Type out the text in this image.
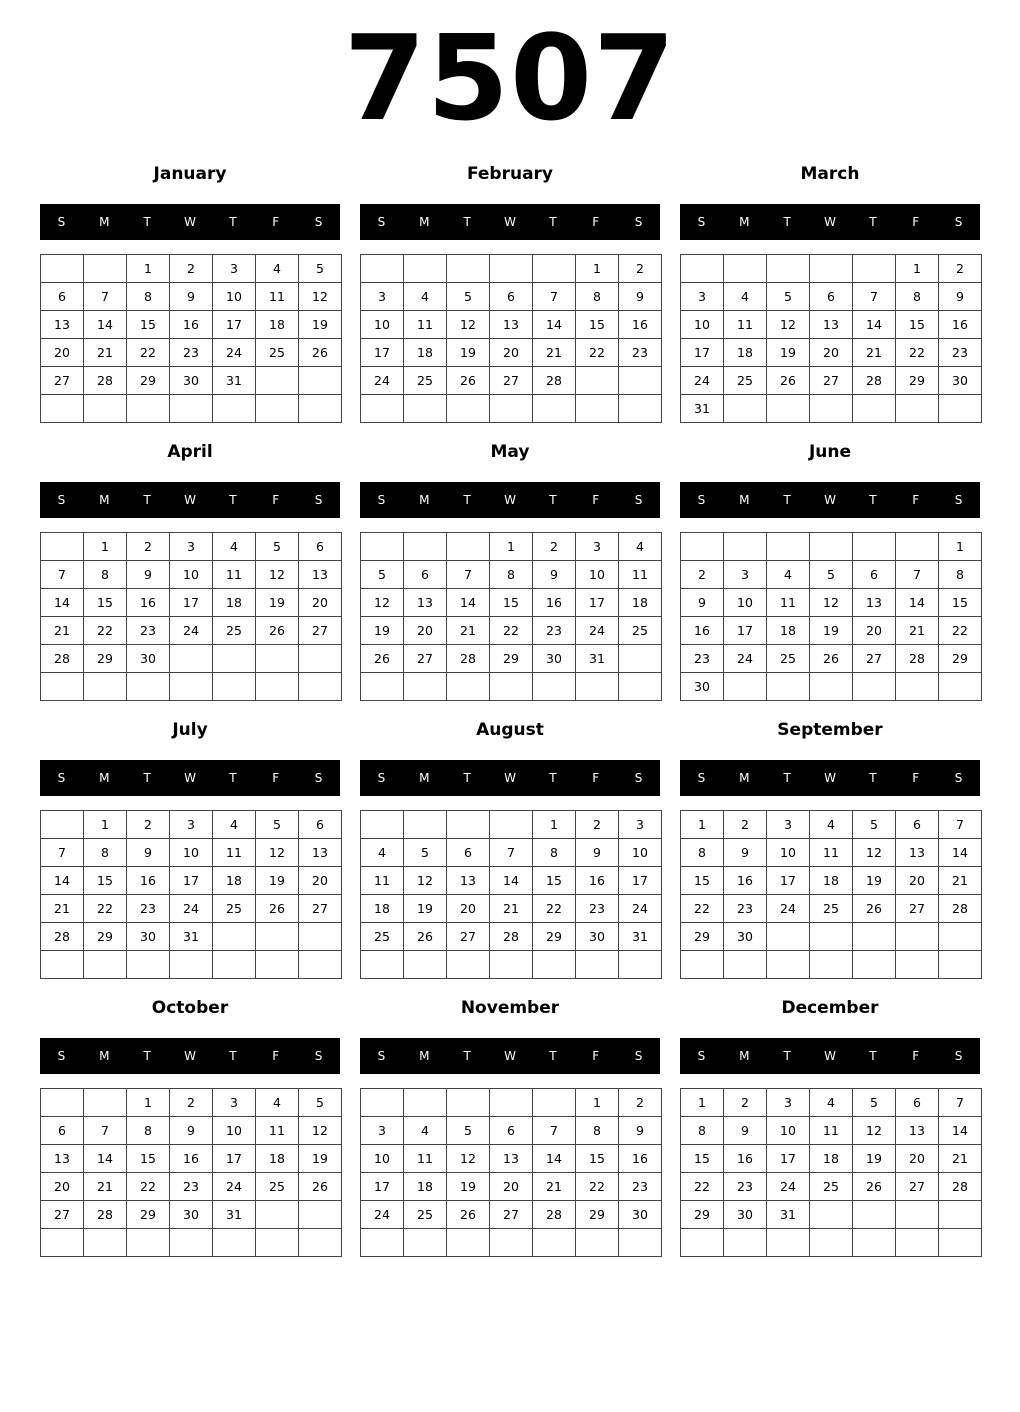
7507
January
S	M	T	W	T	F	S
		1	2	3	4	5
6	7	8	9	10	11	12
13	14	15	16	17	18	19
20	21	22	23	24	25	26
27	28	29	30	31		

February
S	M	T	W	T	F	S
					1	2
3	4	5	6	7	8	9
10	11	12	13	14	15	16
17	18	19	20	21	22	23
24	25	26	27	28		

March
S	M	T	W	T	F	S
					1	2
3	4	5	6	7	8	9
10	11	12	13	14	15	16
17	18	19	20	21	22	23
24	25	26	27	28	29	30
31						
April
S	M	T	W	T	F	S
	1	2	3	4	5	6
7	8	9	10	11	12	13
14	15	16	17	18	19	20
21	22	23	24	25	26	27
28	29	30				

May
S	M	T	W	T	F	S
			1	2	3	4
5	6	7	8	9	10	11
12	13	14	15	16	17	18
19	20	21	22	23	24	25
26	27	28	29	30	31	

June
S	M	T	W	T	F	S
						1
2	3	4	5	6	7	8
9	10	11	12	13	14	15
16	17	18	19	20	21	22
23	24	25	26	27	28	29
30						
July
S	M	T	W	T	F	S
	1	2	3	4	5	6
7	8	9	10	11	12	13
14	15	16	17	18	19	20
21	22	23	24	25	26	27
28	29	30	31			

August
S	M	T	W	T	F	S
				1	2	3
4	5	6	7	8	9	10
11	12	13	14	15	16	17
18	19	20	21	22	23	24
25	26	27	28	29	30	31

September
S	M	T	W	T	F	S
1	2	3	4	5	6	7
8	9	10	11	12	13	14
15	16	17	18	19	20	21
22	23	24	25	26	27	28
29	30					

October
S	M	T	W	T	F	S
		1	2	3	4	5
6	7	8	9	10	11	12
13	14	15	16	17	18	19
20	21	22	23	24	25	26
27	28	29	30	31		

November
S	M	T	W	T	F	S
					1	2
3	4	5	6	7	8	9
10	11	12	13	14	15	16
17	18	19	20	21	22	23
24	25	26	27	28	29	30

December
S	M	T	W	T	F	S
1	2	3	4	5	6	7
8	9	10	11	12	13	14
15	16	17	18	19	20	21
22	23	24	25	26	27	28
29	30	31				
